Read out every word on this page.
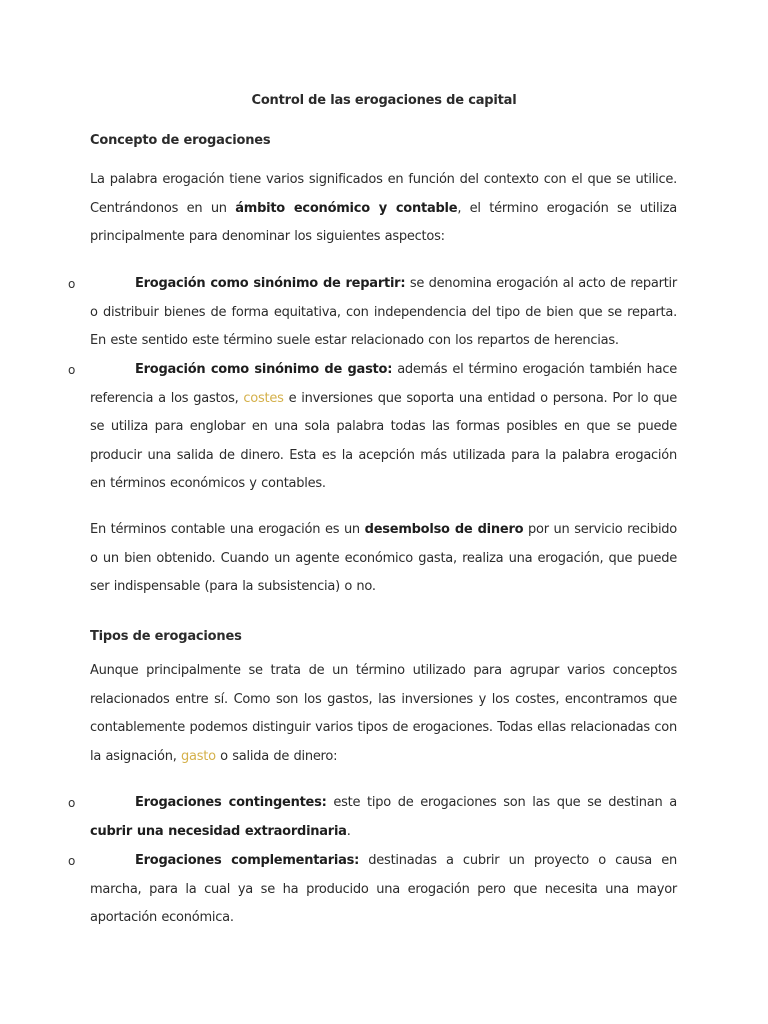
Control de las erogaciones de capital
Concepto de erogaciones
La palabra erogación tiene varios significados en función del contexto con el que se utilice. Centrándonos en un ámbito económico y contable, el término erogación se utiliza principalmente para denominar los siguientes aspectos:
o	Erogación como sinónimo de repartir: se denomina erogación al acto de repartir o distribuir bienes de forma equitativa, con independencia del tipo de bien que se reparta. En este sentido este término suele estar relacionado con los repartos de herencias.
o	Erogación como sinónimo de gasto: además el término erogación también hace referencia a los gastos, costes e inversiones que soporta una entidad o persona. Por lo que se utiliza para englobar en una sola palabra todas las formas posibles en que se puede producir una salida de dinero. Esta es la acepción más utilizada para la palabra erogación en términos económicos y contables.
En términos contable una erogación es un desembolso de dinero por un servicio recibido o un bien obtenido. Cuando un agente económico gasta, realiza una erogación, que puede ser indispensable (para la subsistencia) o no.
Tipos de erogaciones
Aunque principalmente se trata de un término utilizado para agrupar varios conceptos relacionados entre sí. Como son los gastos, las inversiones y los costes, encontramos que contablemente podemos distinguir varios tipos de erogaciones. Todas ellas relacionadas con la asignación, gasto o salida de dinero:
o	Erogaciones contingentes: este tipo de erogaciones son las que se destinan a cubrir una necesidad extraordinaria.
o	Erogaciones complementarias: destinadas a cubrir un proyecto o causa en marcha, para la cual ya se ha producido una erogación pero que necesita una mayor aportación económica.
